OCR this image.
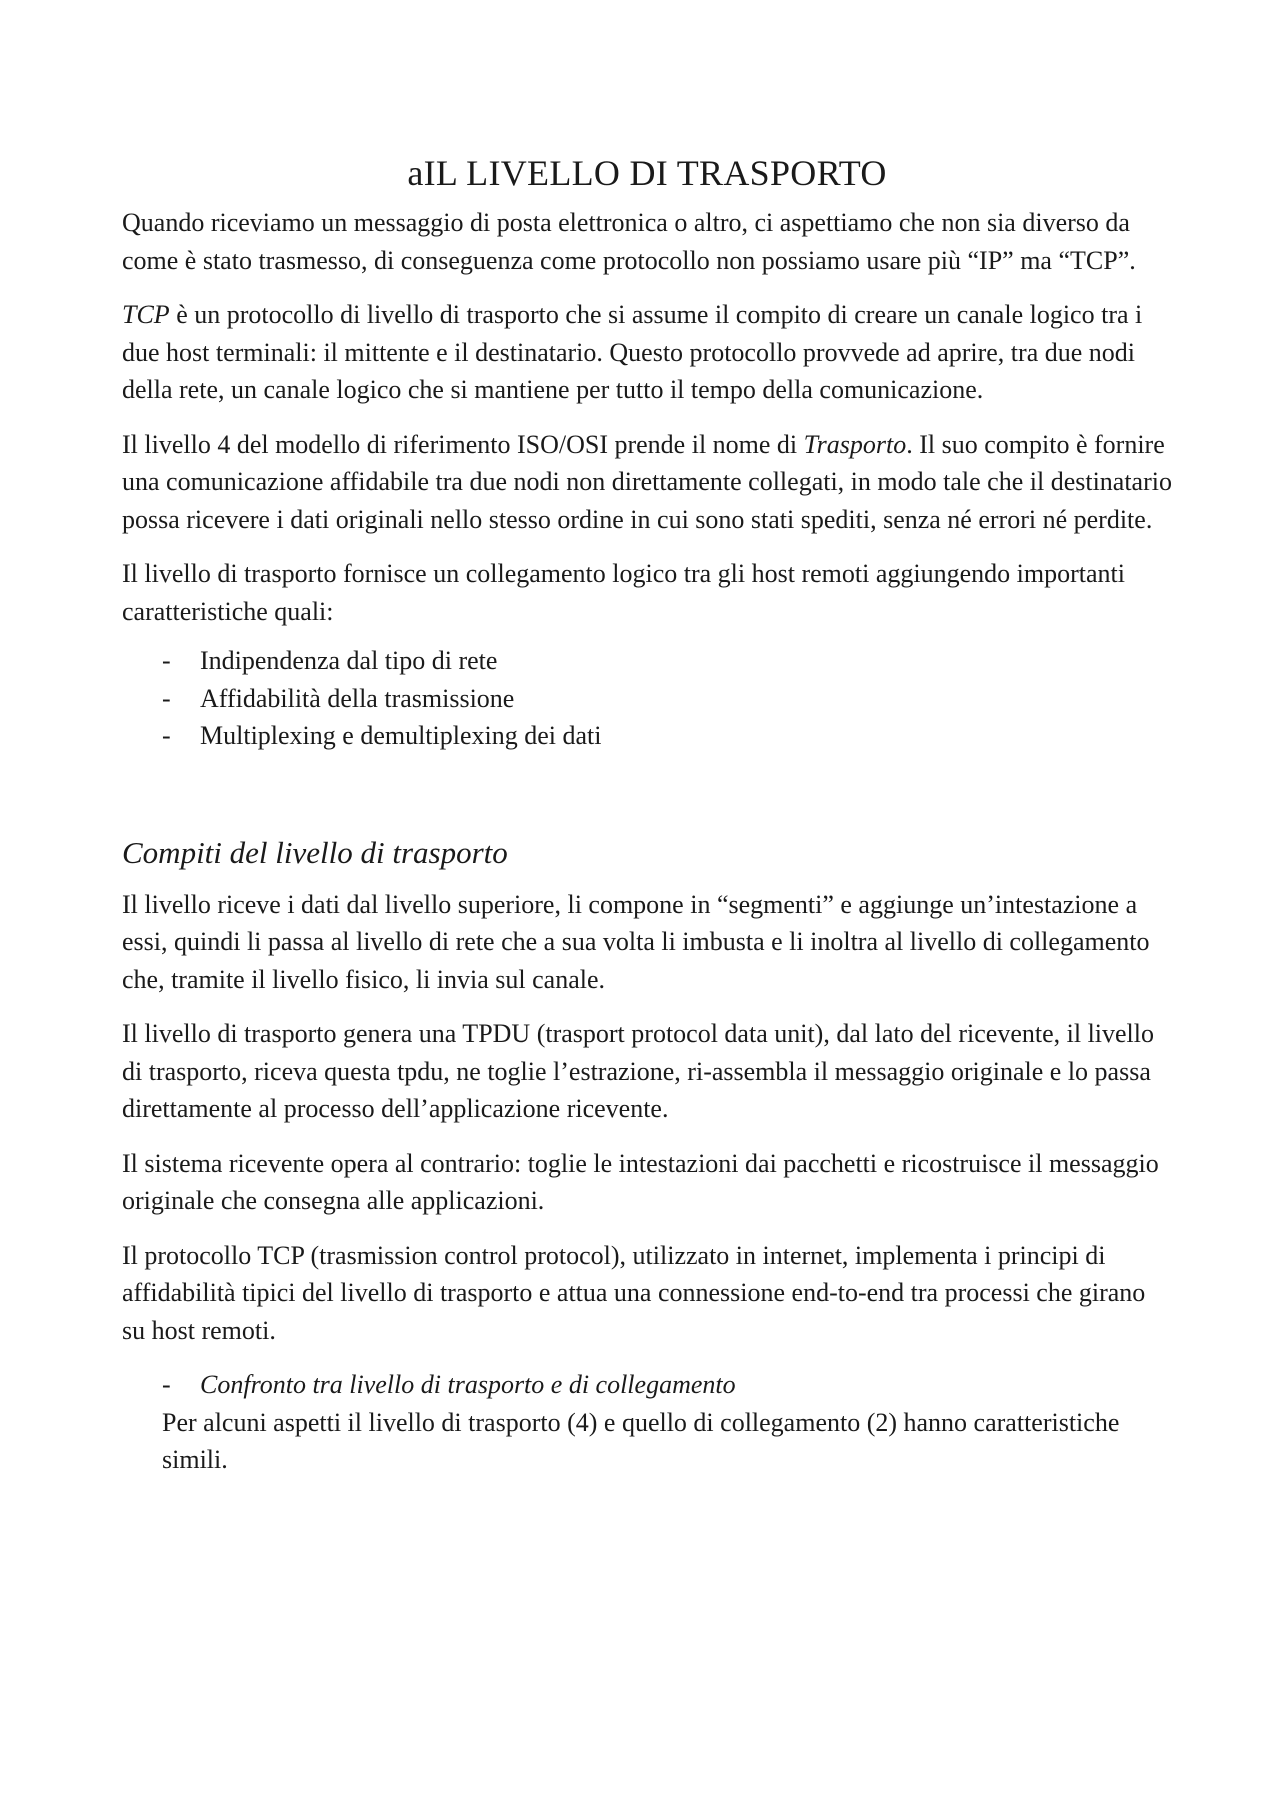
aIL LIVELLO DI TRASPORTO

Quando riceviamo un messaggio di posta elettronica o altro, ci aspettiamo che non sia diverso da come è stato trasmesso, di conseguenza come protocollo non possiamo usare più “IP” ma “TCP”.

TCP è un protocollo di livello di trasporto che si assume il compito di creare un canale logico tra i due host terminali: il mittente e il destinatario. Questo protocollo provvede ad aprire, tra due nodi della rete, un canale logico che si mantiene per tutto il tempo della comunicazione.

Il livello 4 del modello di riferimento ISO/OSI prende il nome di Trasporto. Il suo compito è fornire una comunicazione affidabile tra due nodi non direttamente collegati, in modo tale che il destinatario possa ricevere i dati originali nello stesso ordine in cui sono stati spediti, senza né errori né perdite.

Il livello di trasporto fornisce un collegamento logico tra gli host remoti aggiungendo importanti caratteristiche quali:

- Indipendenza dal tipo di rete
- Affidabilità della trasmissione
- Multiplexing e demultiplexing dei dati
Compiti del livello di trasporto

Il livello riceve i dati dal livello superiore, li compone in “segmenti” e aggiunge un’intestazione a essi, quindi li passa al livello di rete che a sua volta li imbusta e li inoltra al livello di collegamento che, tramite il livello fisico, li invia sul canale.

Il livello di trasporto genera una TPDU (trasport protocol data unit), dal lato del ricevente, il livello di trasporto, riceva questa tpdu, ne toglie l’estrazione, ri-assembla il messaggio originale e lo passa direttamente al processo dell’applicazione ricevente.

Il sistema ricevente opera al contrario: toglie le intestazioni dai pacchetti e ricostruisce il messaggio originale che consegna alle applicazioni.

Il protocollo TCP (trasmission control protocol), utilizzato in internet, implementa i principi di affidabilità tipici del livello di trasporto e attua una connessione end-to-end tra processi che girano su host remoti.

- Confronto tra livello di trasporto e di collegamento

Per alcuni aspetti il livello di trasporto (4) e quello di collegamento (2) hanno caratteristiche simili.
